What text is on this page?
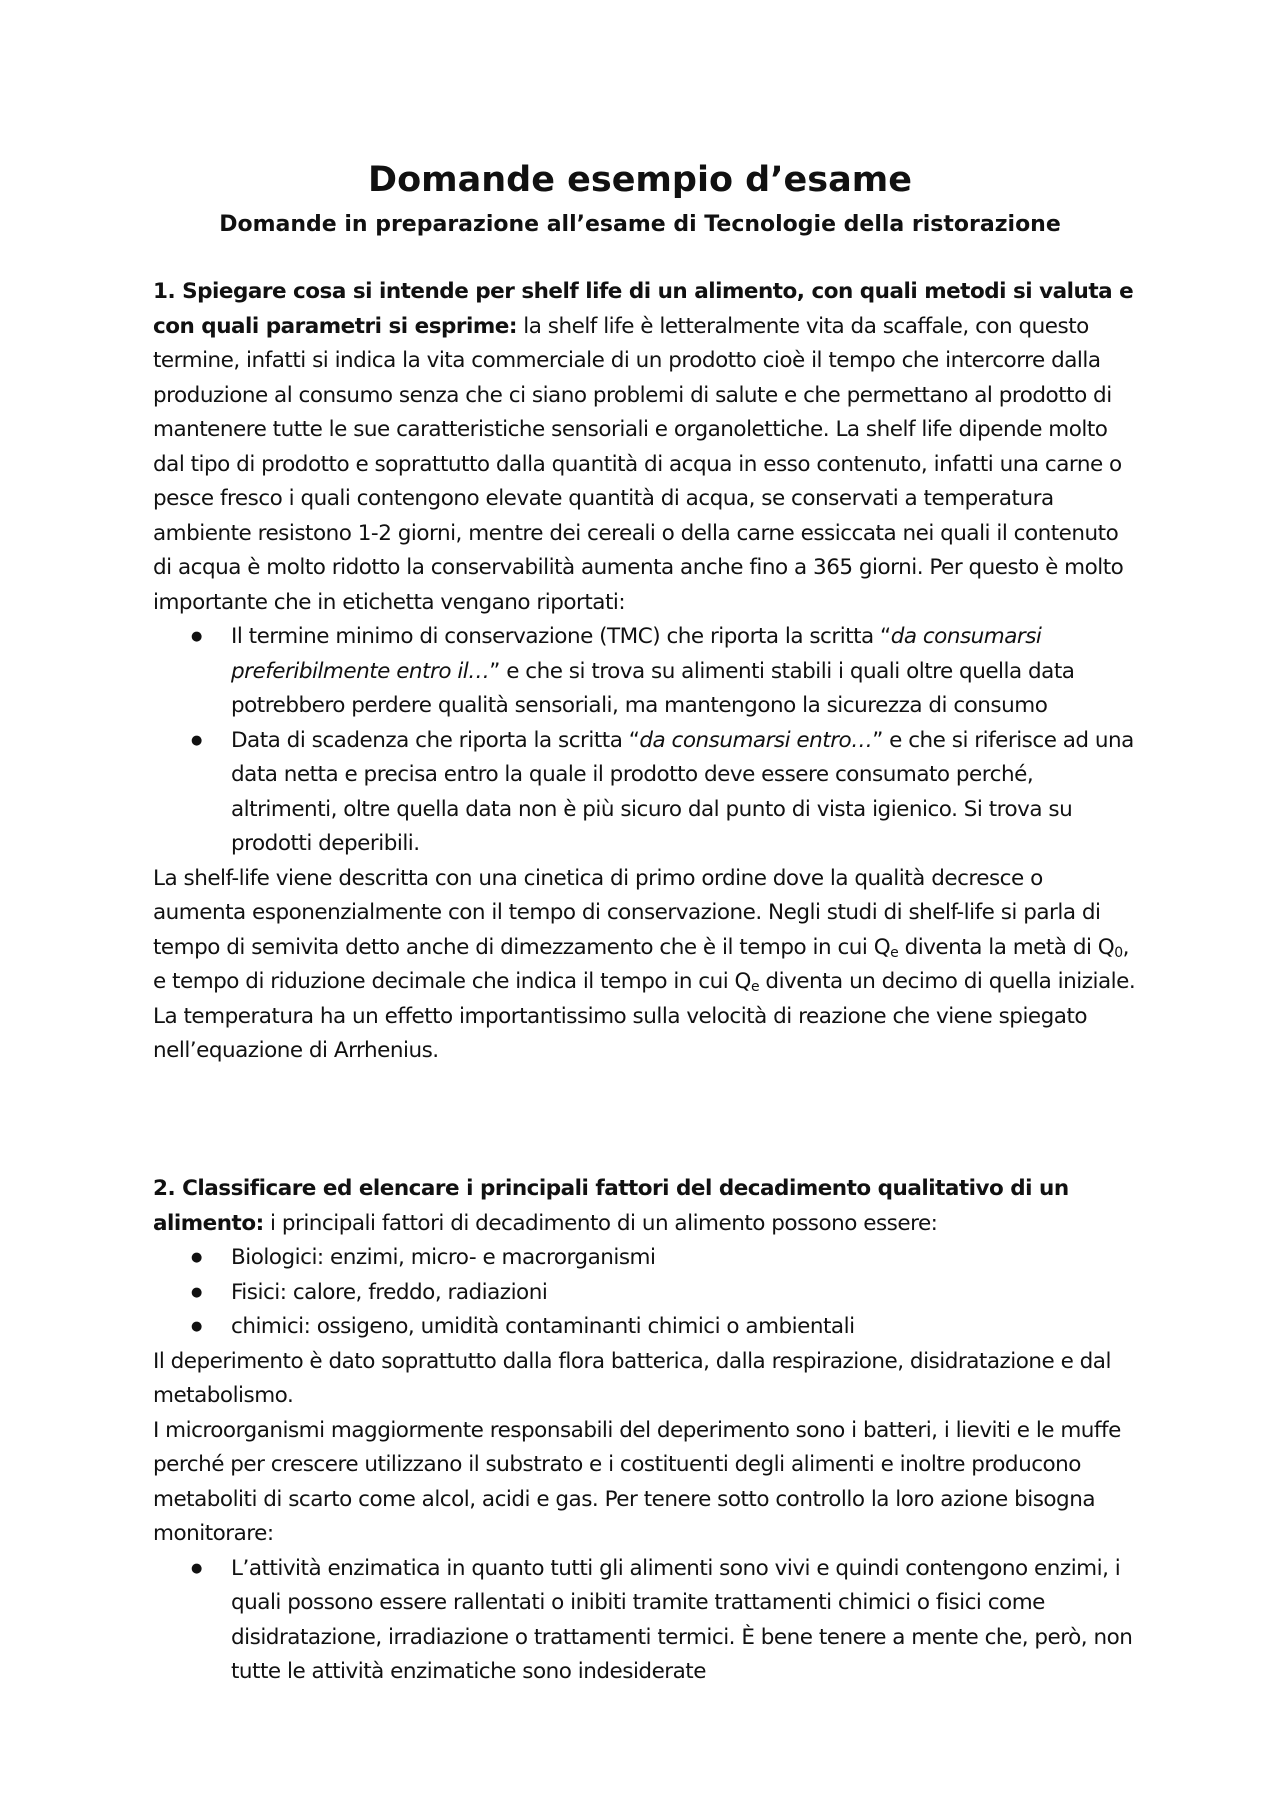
Domande esempio d’esame
Domande in preparazione all’esame di Tecnologie della ristorazione

1. Spiegare cosa si intende per shelf life di un alimento, con quali metodi si valuta e con quali parametri si esprime: la shelf life è letteralmente vita da scaffale, con questo termine, infatti si indica la vita commerciale di un prodotto cioè il tempo che intercorre dalla produzione al consumo senza che ci siano problemi di salute e che permettano al prodotto di mantenere tutte le sue caratteristiche sensoriali e organolettiche. La shelf life dipende molto dal tipo di prodotto e soprattutto dalla quantità di acqua in esso contenuto, infatti una carne o pesce fresco i quali contengono elevate quantità di acqua, se conservati a temperatura ambiente resistono 1-2 giorni, mentre dei cereali o della carne essiccata nei quali il contenuto di acqua è molto ridotto la conservabilità aumenta anche fino a 365 giorni. Per questo è molto importante che in etichetta vengano riportati:

● Il termine minimo di conservazione (TMC) che riporta la scritta “da consumarsi preferibilmente entro il…” e che si trova su alimenti stabili i quali oltre quella data potrebbero perdere qualità sensoriali, ma mantengono la sicurezza di consumo
● Data di scadenza che riporta la scritta “da consumarsi entro…” e che si riferisce ad una data netta e precisa entro la quale il prodotto deve essere consumato perché, altrimenti, oltre quella data non è più sicuro dal punto di vista igienico. Si trova su prodotti deperibili.

La shelf-life viene descritta con una cinetica di primo ordine dove la qualità decresce o aumenta esponenzialmente con il tempo di conservazione. Negli studi di shelf-life si parla di tempo di semivita detto anche di dimezzamento che è il tempo in cui $Q_e$ diventa la metà di $Q_0$, e tempo di riduzione decimale che indica il tempo in cui $Q_e$ diventa un decimo di quella iniziale. La temperatura ha un effetto importantissimo sulla velocità di reazione che viene spiegato nell’equazione di Arrhenius.

2. Classificare ed elencare i principali fattori del decadimento qualitativo di un alimento: i principali fattori di decadimento di un alimento possono essere:

● Biologici: enzimi, micro- e macrorganismi
● Fisici: calore, freddo, radiazioni
● chimici: ossigeno, umidità contaminanti chimici o ambientali

Il deperimento è dato soprattutto dalla flora batterica, dalla respirazione, disidratazione e dal metabolismo.

I microorganismi maggiormente responsabili del deperimento sono i batteri, i lieviti e le muffe perché per crescere utilizzano il substrato e i costituenti degli alimenti e inoltre producono metaboliti di scarto come alcol, acidi e gas. Per tenere sotto controllo la loro azione bisogna monitorare:

● L’attività enzimatica in quanto tutti gli alimenti sono vivi e quindi contengono enzimi, i quali possono essere rallentati o inibiti tramite trattamenti chimici o fisici come disidratazione, irradiazione o trattamenti termici. È bene tenere a mente che, però, non tutte le attività enzimatiche sono indesiderate
